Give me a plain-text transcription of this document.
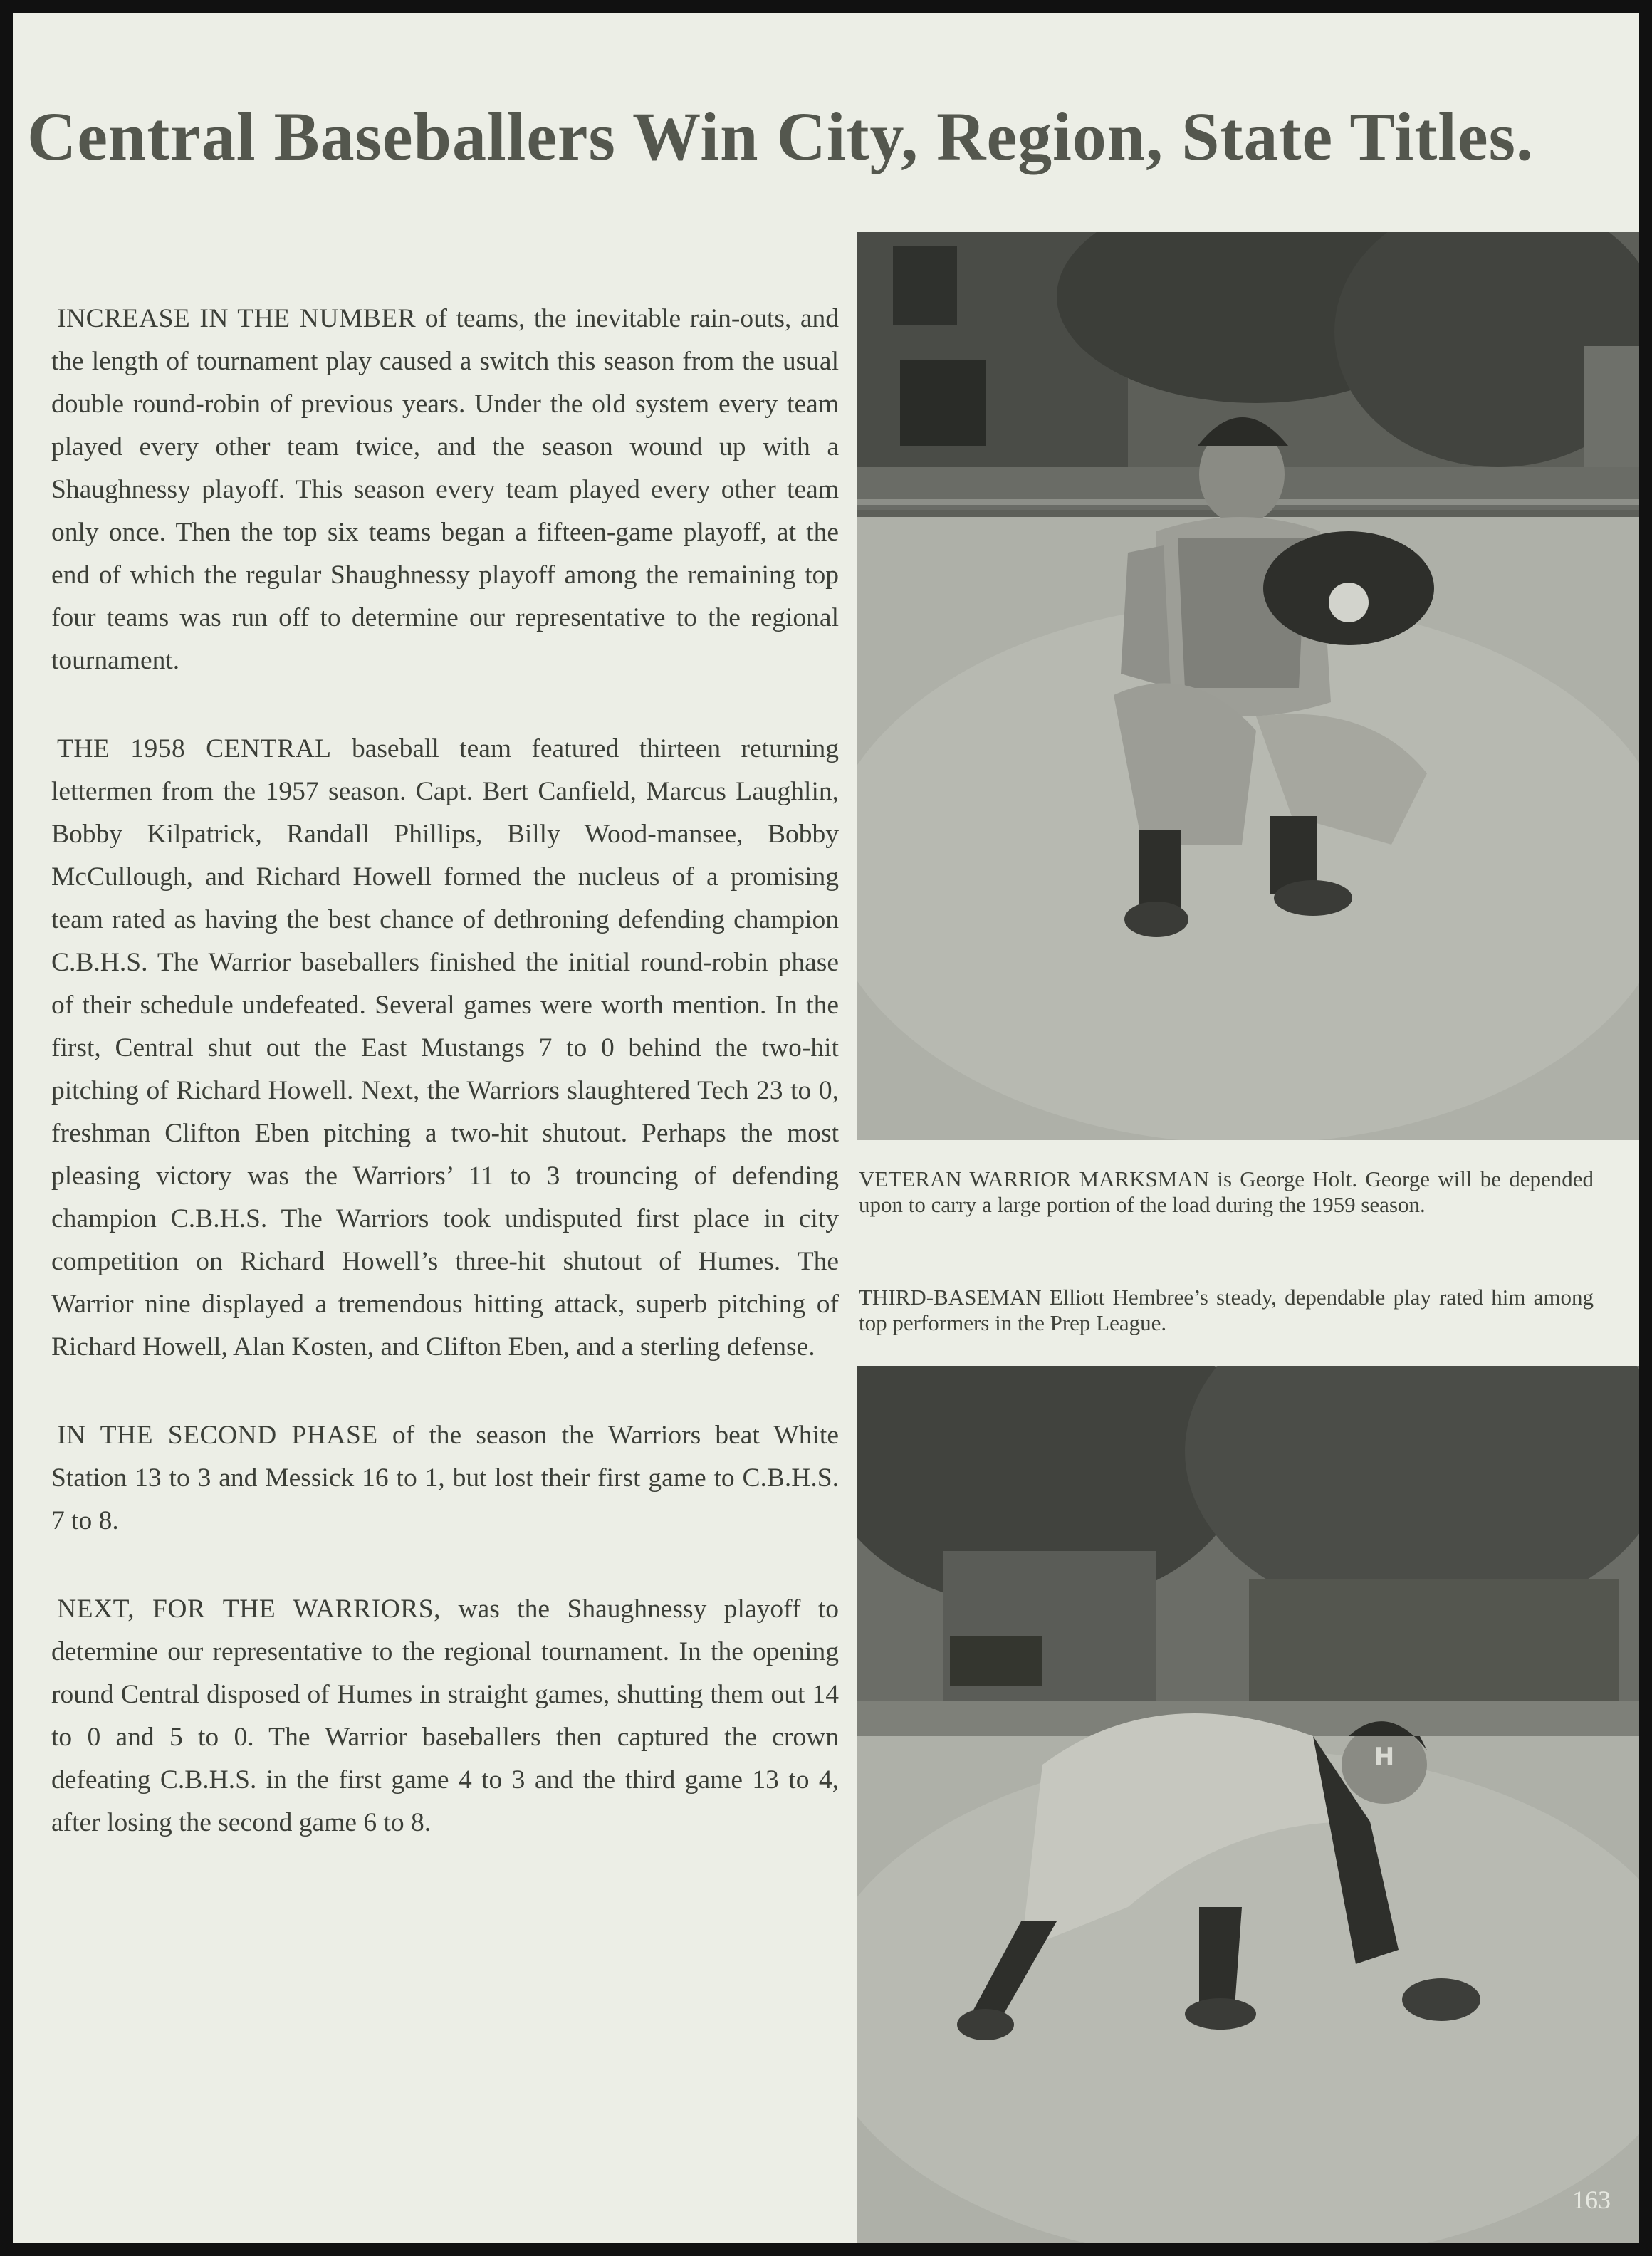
Central Baseballers Win City, Region, State Titles.

INCREASE IN THE NUMBER of teams, the inevitable rain-outs, and the length of tournament play caused a switch this season from the usual double round-robin of previous years. Under the old system every team played every other team twice, and the season wound up with a Shaughnessy playoff. This season every team played every other team only once. Then the top six teams began a fifteen-game playoff, at the end of which the regular Shaughnessy playoff among the remaining top four teams was run off to determine our representative to the regional tournament.

THE 1958 CENTRAL baseball team featured thirteen returning lettermen from the 1957 season. Capt. Bert Canfield, Marcus Laughlin, Bobby Kilpatrick, Randall Phillips, Billy Wood-mansee, Bobby McCullough, and Richard Howell formed the nucleus of a promising team rated as having the best chance of dethroning defending champion C.B.H.S. The Warrior baseballers finished the initial round-robin phase of their schedule undefeated. Several games were worth mention. In the first, Central shut out the East Mustangs 7 to 0 behind the two-hit pitching of Richard Howell. Next, the Warriors slaughtered Tech 23 to 0, freshman Clifton Eben pitching a two-hit shutout. Perhaps the most pleasing victory was the Warriors’ 11 to 3 trouncing of defending champion C.B.H.S. The Warriors took undisputed first place in city competition on Richard Howell’s three-hit shutout of Humes. The Warrior nine displayed a tremendous hitting attack, superb pitching of Richard Howell, Alan Kosten, and Clifton Eben, and a sterling defense.

IN THE SECOND PHASE of the season the Warriors beat White Station 13 to 3 and Messick 16 to 1, but lost their first game to C.B.H.S. 7 to 8.

NEXT, FOR THE WARRIORS, was the Shaughnessy playoff to determine our representative to the regional tournament. In the opening round Central disposed of Humes in straight games, shutting them out 14 to 0 and 5 to 0. The Warrior baseballers then captured the crown defeating C.B.H.S. in the first game 4 to 3 and the third game 13 to 4, after losing the second game 6 to 8.

VETERAN WARRIOR MARKSMAN is George Holt. George will be depended upon to carry a large portion of the load during the 1959 season.

THIRD-BASEMAN Elliott Hembree’s steady, dependable play rated him among top performers in the Prep League.

H
163
